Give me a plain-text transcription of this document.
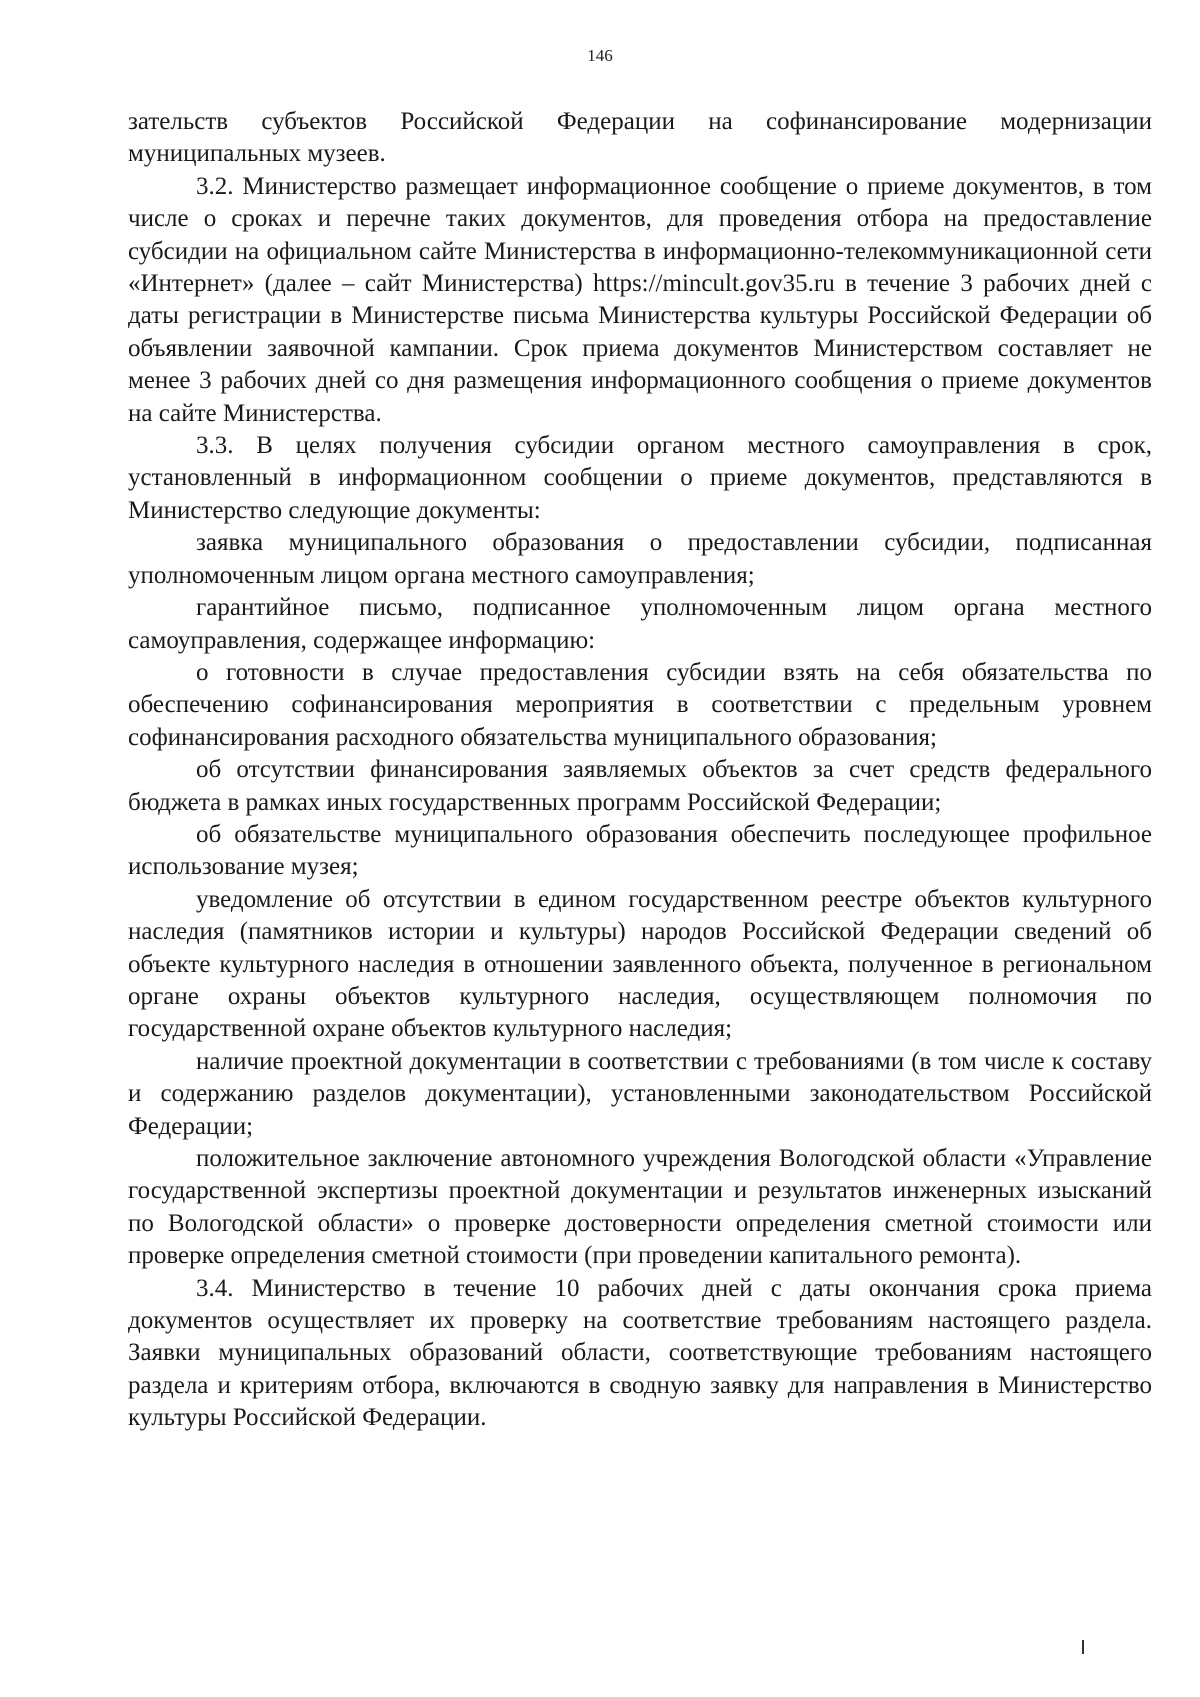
146

зательств субъектов Российской Федерации на софинансирование модернизации муниципальных музеев.

3.2. Министерство размещает информационное сообщение о приеме документов, в том числе о сроках и перечне таких документов, для проведения отбора на предоставление субсидии на официальном сайте Министерства в информационно-телекоммуникационной сети «Интернет» (далее – сайт Министерства) https://mincult.gov35.ru в течение 3 рабочих дней с даты регистрации в Министерстве письма Министерства культуры Российской Федерации об объявлении заявочной кампании. Срок приема документов Министерством составляет не менее 3 рабочих дней со дня размещения информационного сообщения о приеме документов на сайте Министерства.

3.3. В целях получения субсидии органом местного самоуправления в срок, установленный в информационном сообщении о приеме документов, представляются в Министерство следующие документы:

заявка муниципального образования о предоставлении субсидии, подписанная уполномоченным лицом органа местного самоуправления;

гарантийное письмо, подписанное уполномоченным лицом органа местного самоуправления, содержащее информацию:

о готовности в случае предоставления субсидии взять на себя обязательства по обеспечению софинансирования мероприятия в соответствии с предельным уровнем софинансирования расходного обязательства муниципального образования;

об отсутствии финансирования заявляемых объектов за счет средств федерального бюджета в рамках иных государственных программ Российской Федерации;

об обязательстве муниципального образования обеспечить последующее профильное использование музея;

уведомление об отсутствии в едином государственном реестре объектов культурного наследия (памятников истории и культуры) народов Российской Федерации сведений об объекте культурного наследия в отношении заявленного объекта, полученное в региональном органе охраны объектов культурного наследия, осуществляющем полномочия по государственной охране объектов культурного наследия;

наличие проектной документации в соответствии с требованиями (в том числе к составу и содержанию разделов документации), установленными законодательством Российской Федерации;

положительное заключение автономного учреждения Вологодской области «Управление государственной экспертизы проектной документации и результатов инженерных изысканий по Вологодской области» о проверке достоверности определения сметной стоимости или проверке определения сметной стоимости (при проведении капитального ремонта).

3.4. Министерство в течение 10 рабочих дней с даты окончания срока приема документов осуществляет их проверку на соответствие требованиям настоящего раздела. Заявки муниципальных образований области, соответствующие требованиям настоящего раздела и критериям отбора, включаются в сводную заявку для направления в Министерство культуры Российской Федерации.
